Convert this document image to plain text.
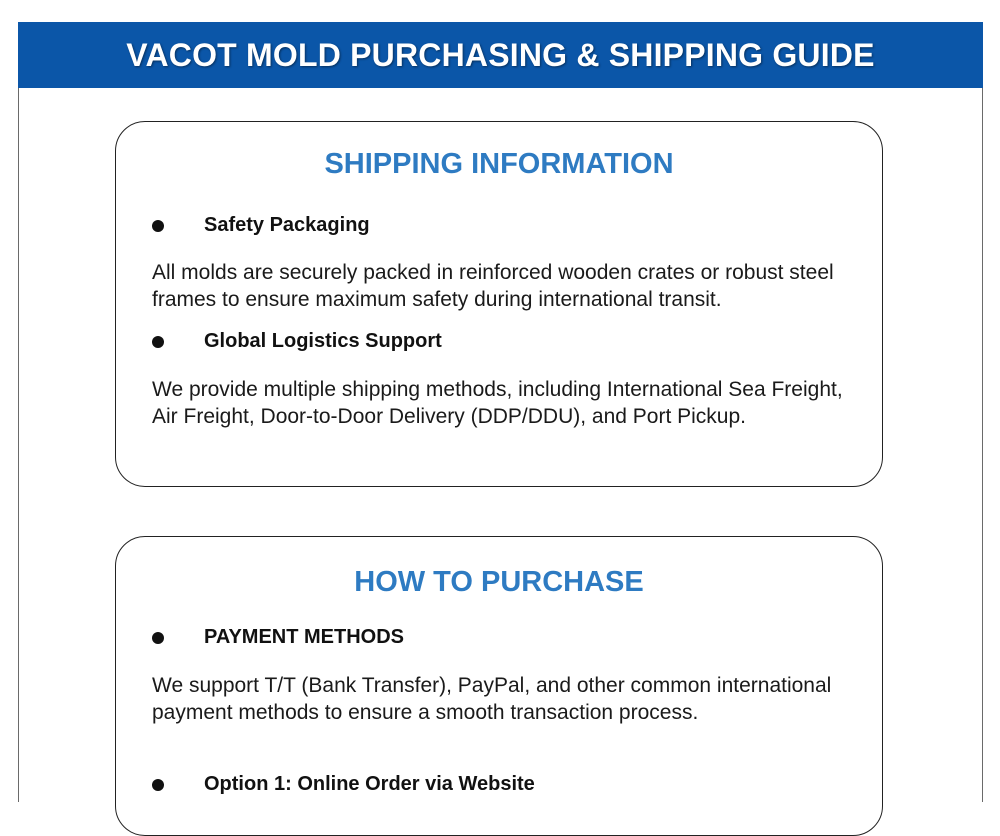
VACOT MOLD PURCHASING & SHIPPING GUIDE
SHIPPING INFORMATION
Safety Packaging
All molds are securely packed in reinforced wooden crates or robust steel frames to ensure maximum safety during international transit.
Global Logistics Support
We provide multiple shipping methods, including International Sea Freight, Air Freight, Door-to-Door Delivery (DDP/DDU), and Port Pickup.
HOW TO PURCHASE
PAYMENT METHODS
We support T/T (Bank Transfer), PayPal, and other common international payment methods to ensure a smooth transaction process.
Option 1: Online Order via Website
